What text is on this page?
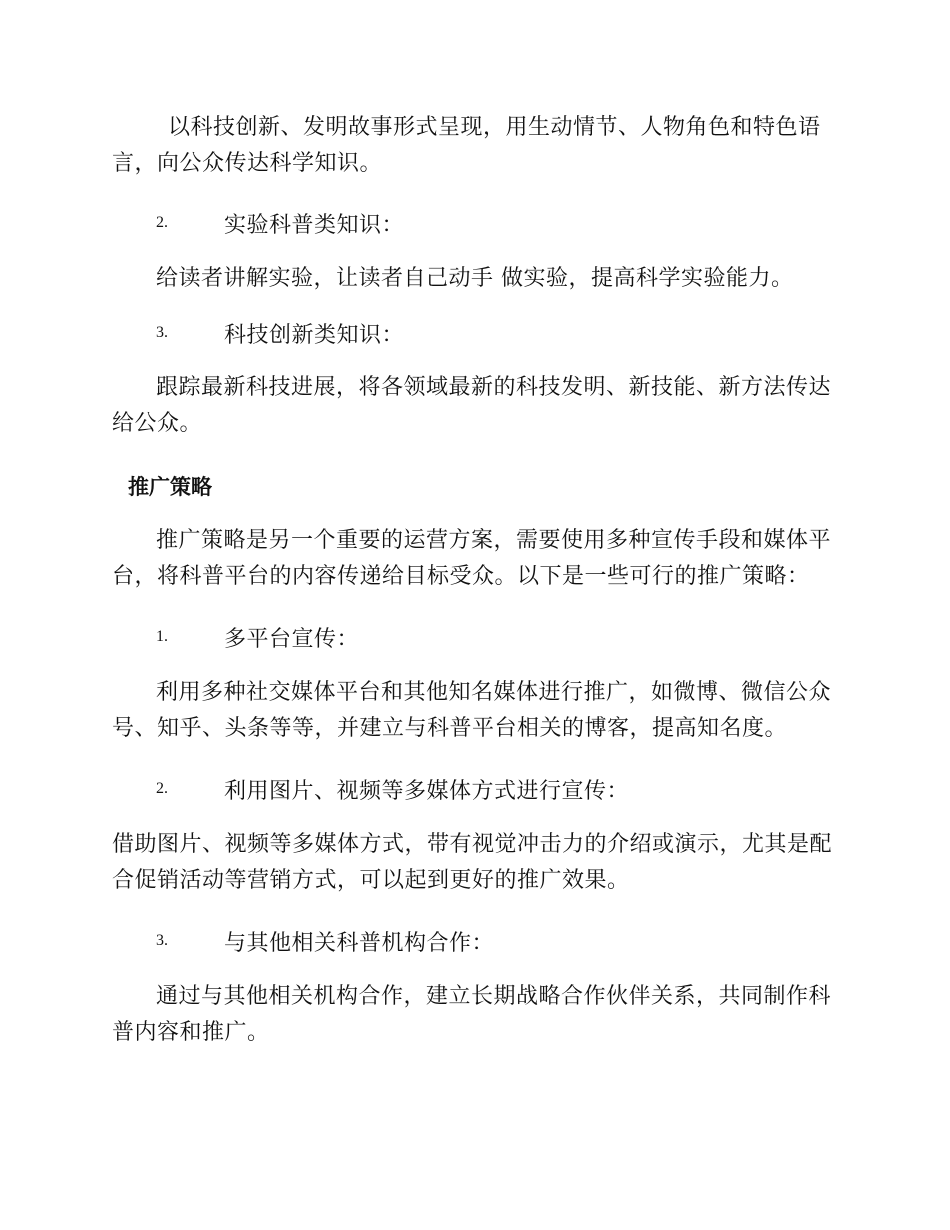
以科技创新、发明故事形式呈现，用生动情节、人物角色和特色语言，向公众传达科学知识。

2.	实验科普类知识：

给读者讲解实验，让读者自己动手 做实验，提高科学实验能力。

3.	科技创新类知识：

跟踪最新科技进展，将各领域最新的科技发明、新技能、新方法传达给公众。

推广策略

推广策略是另一个重要的运营方案，需要使用多种宣传手段和媒体平台，将科普平台的内容传递给目标受众。以下是一些可行的推广策略：

1.	多平台宣传：

利用多种社交媒体平台和其他知名媒体进行推广，如微博、微信公众号、知乎、头条等等，并建立与科普平台相关的博客，提高知名度。

2.	利用图片、视频等多媒体方式进行宣传：

借助图片、视频等多媒体方式，带有视觉冲击力的介绍或演示，尤其是配合促销活动等营销方式，可以起到更好的推广效果。

3.	与其他相关科普机构合作：

通过与其他相关机构合作，建立长期战略合作伙伴关系，共同制作科普内容和推广。
